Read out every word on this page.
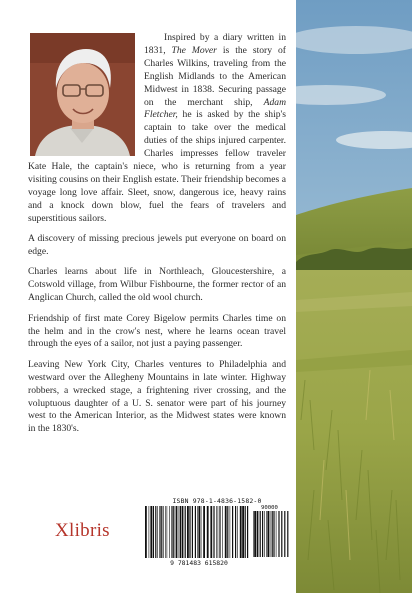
Inspired by a diary written in 1831, The Mover is the story of Charles Wilkins, traveling from the English Midlands to the American Midwest in 1838. Securing passage on the merchant ship, Adam Fletcher, he is asked by the ship's captain to take over the medical duties of the ships injured carpenter. Charles impresses fellow traveler Kate Hale, the captain's niece, who is returning from a year visiting cousins on their English estate. Their friendship becomes a voyage long love affair. Sleet, snow, dangerous ice, heavy rains and a knock down blow, fuel the fears of travelers and superstitious sailors.

A discovery of missing precious jewels put everyone on board on edge.

Charles learns about life in Northleach, Gloucestershire, a Cotswold village, from Wilbur Fishbourne, the former rector of an Anglican Church, called the old wool church.

Friendship of first mate Corey Bigelow permits Charles time on the helm and in the crow's nest, where he learns ocean travel through the eyes of a sailor, not just a paying passenger.

Leaving New York City, Charles ventures to Philadelphia and westward over the Allegheny Mountains in late winter. Highway robbers, a wrecked stage, a frightening river crossing, and the voluptuous daughter of a U. S. senator were part of his journey west to the American Interior, as the Midwest states were known in the 1830's.

Xlibris
ISBN 978-1-4836-1582-0
90000
9 781483 615820
